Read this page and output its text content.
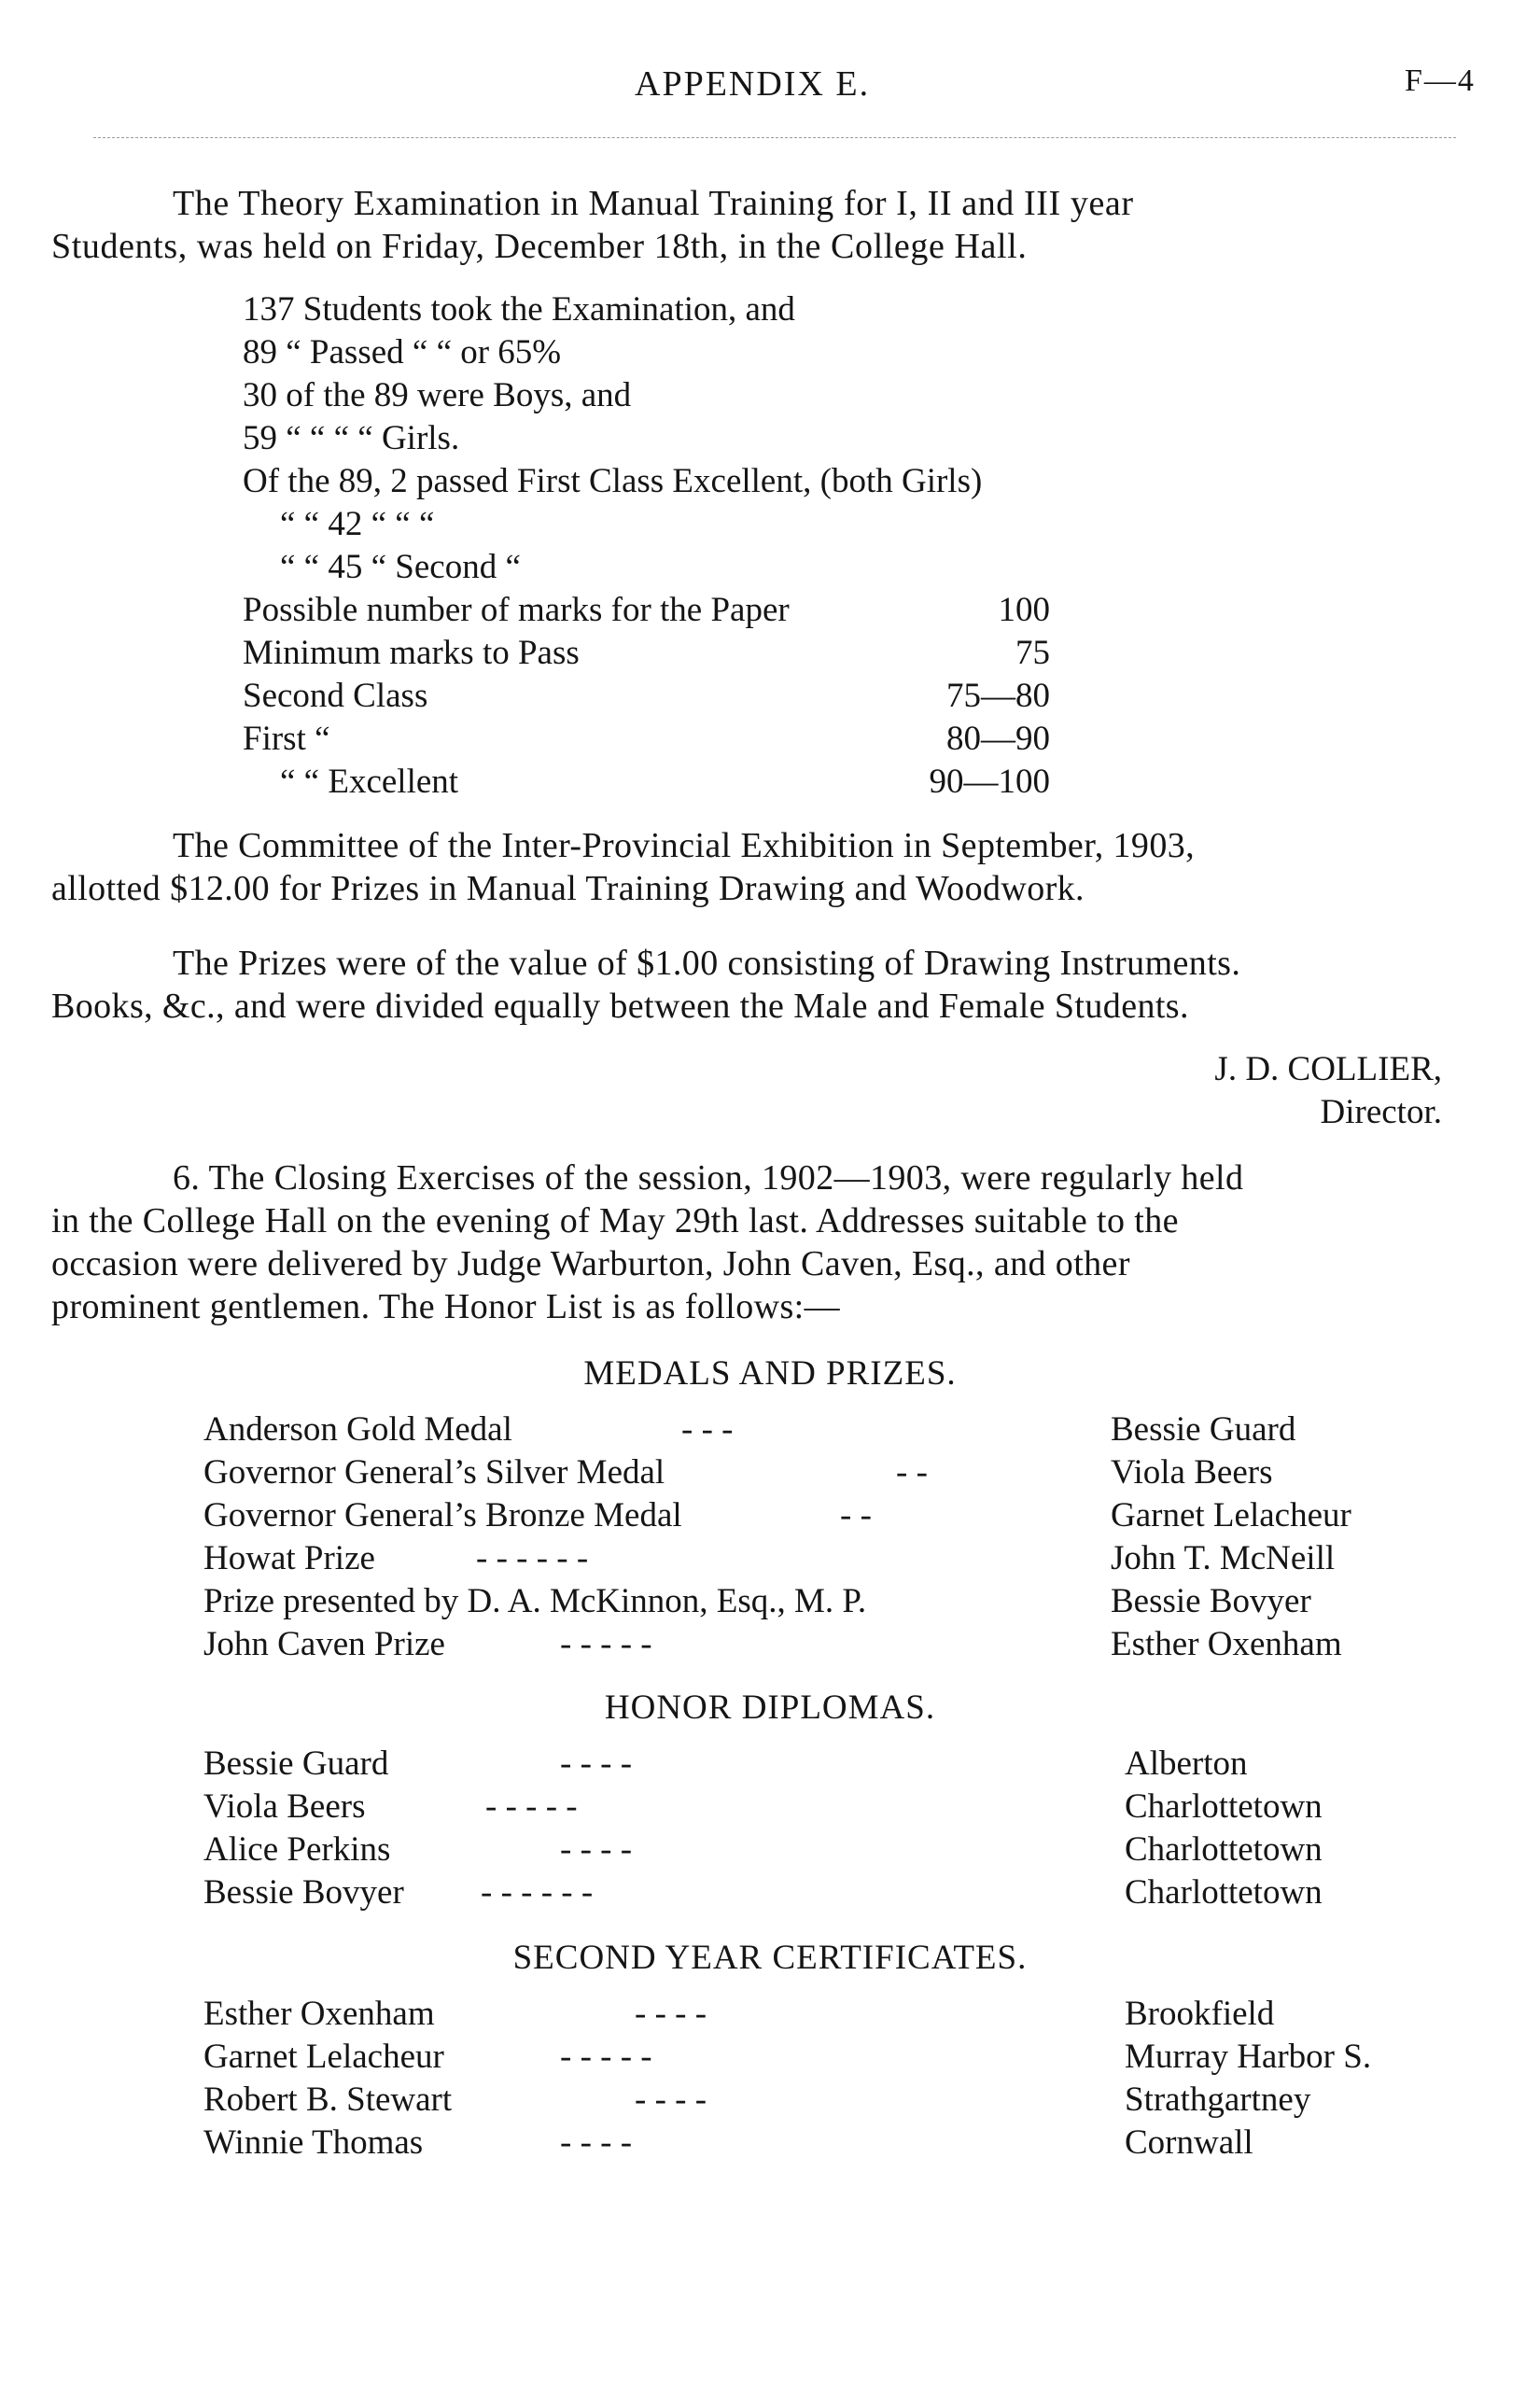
APPENDIX E.	F—4
The Theory Examination in Manual Training for I, II and III year
Students, was held on Friday, December 18th, in the College Hall.
137 Students took the Examination, and
89 “ Passed “ “ or 65%
30 of the 89 were Boys, and
59 “ “ “ “ Girls.
Of the 89, 2 passed First Class Excellent, (both Girls)
“ “ 42 “ “ “
“ “ 45 “ Second “
Possible number of marks for the Paper	100
Minimum marks to Pass	75
Second Class	75—80
First “	80—90
“ “ Excellent	90—100
The Committee of the Inter-Provincial Exhibition in September, 1903,
allotted $12.00 for Prizes in Manual Training Drawing and Woodwork.
The Prizes were of the value of $1.00 consisting of Drawing Instruments.
Books, &c., and were divided equally between the Male and Female Students.
J. D. COLLIER,
Director.
6. The Closing Exercises of the session, 1902—1903, were regularly held
in the College Hall on the evening of May 29th last. Addresses suitable to the
occasion were delivered by Judge Warburton, John Caven, Esq., and other
prominent gentlemen. The Honor List is as follows:—
MEDALS AND PRIZES.
Anderson Gold Medal	- - -	Bessie Guard
Governor General’s Silver Medal	- -	Viola Beers
Governor General’s Bronze Medal	- -	Garnet Lelacheur
Howat Prize	- - - - - -	John T. McNeill
Prize presented by D. A. McKinnon, Esq., M. P.	Bessie Bovyer
John Caven Prize	- - - - -	Esther Oxenham
HONOR DIPLOMAS.
Bessie Guard	- - - -	Alberton
Viola Beers	- - - - -	Charlottetown
Alice Perkins	- - - -	Charlottetown
Bessie Bovyer - - - - - -	Charlottetown
SECOND YEAR CERTIFICATES.
Esther Oxenham	- - - -	Brookfield
Garnet Lelacheur	- - - - -	Murray Harbor S.
Robert B. Stewart	- - - -	Strathgartney
Winnie Thomas	- - - -	Cornwall
